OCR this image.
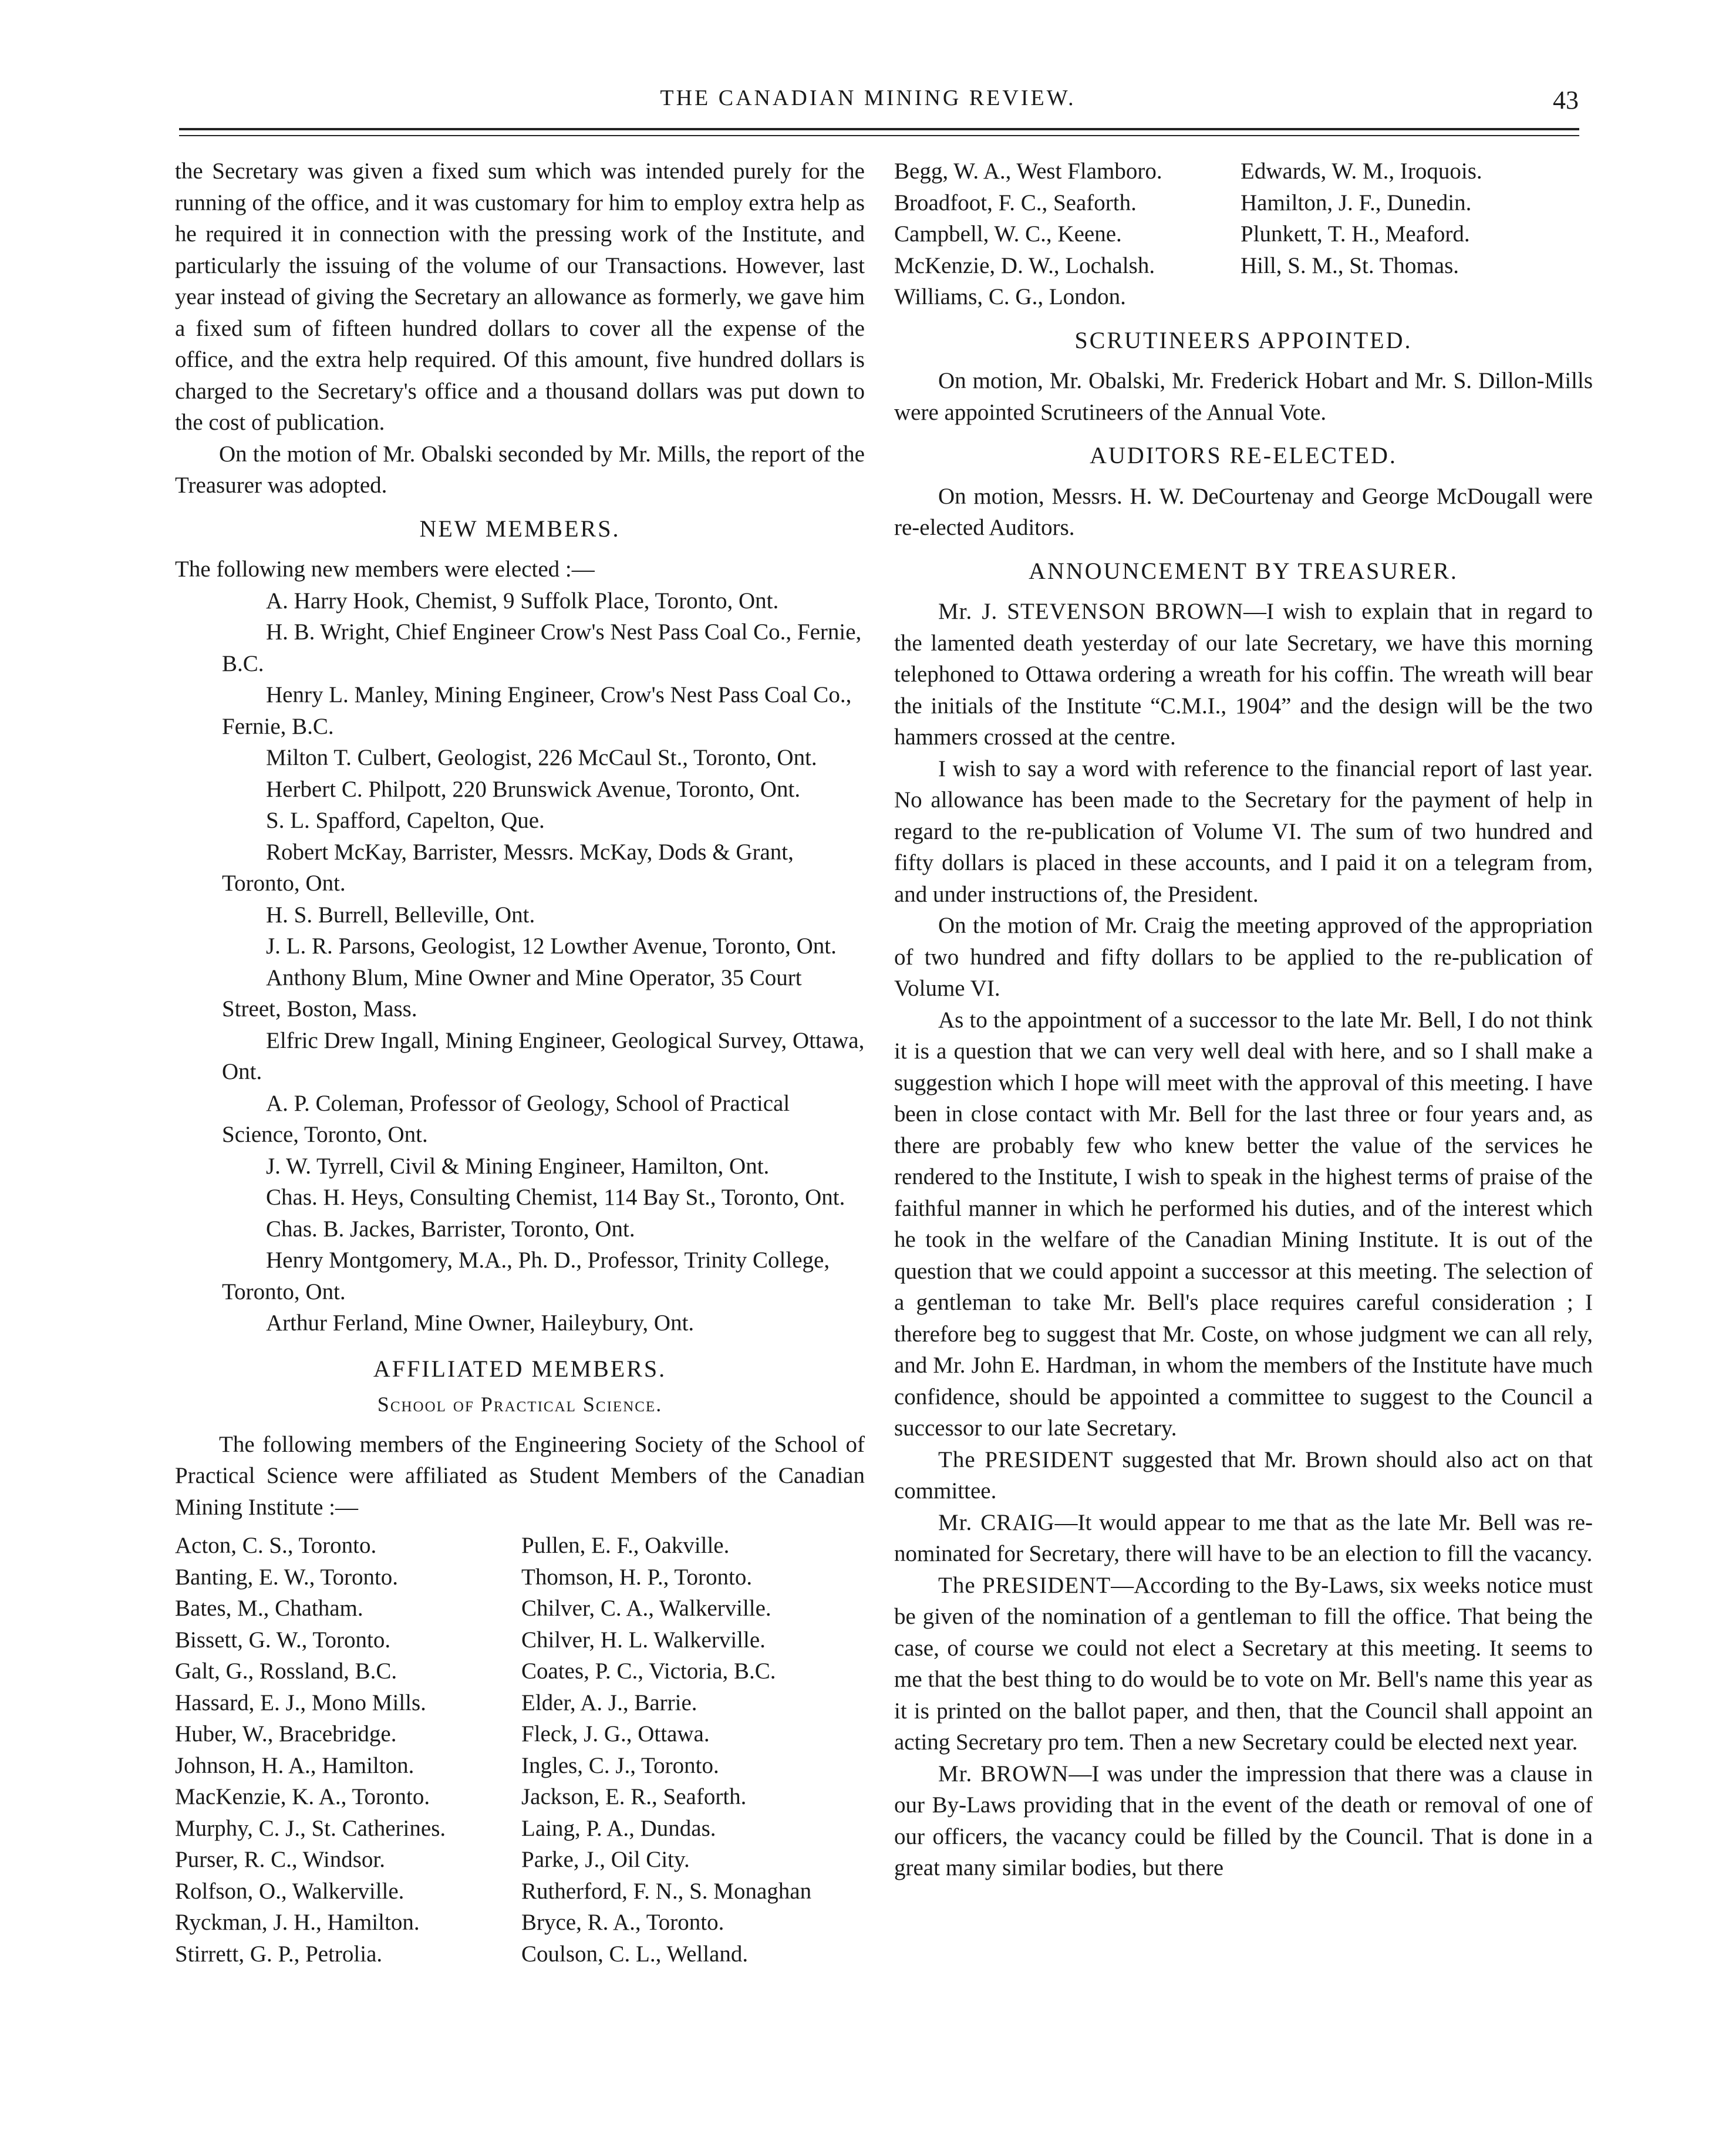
THE CANADIAN MINING REVIEW.	43

the Secretary was given a fixed sum which was intended purely for the running of the office, and it was customary for him to employ extra help as he required it in connection with the pressing work of the Institute, and particularly the issuing of the volume of our Transactions. However, last year instead of giving the Secretary an allowance as formerly, we gave him a fixed sum of fifteen hundred dollars to cover all the expense of the office, and the extra help required. Of this amount, five hundred dollars is charged to the Secretary's office and a thousand dollars was put down to the cost of publication.

On the motion of Mr. Obalski seconded by Mr. Mills, the report of the Treasurer was adopted.

NEW MEMBERS.

The following new members were elected :—

A. Harry Hook, Chemist, 9 Suffolk Place, Toronto, Ont.

H. B. Wright, Chief Engineer Crow's Nest Pass Coal Co., Fernie, B.C.

Henry L. Manley, Mining Engineer, Crow's Nest Pass Coal Co., Fernie, B.C.

Milton T. Culbert, Geologist, 226 McCaul St., Toronto, Ont.

Herbert C. Philpott, 220 Brunswick Avenue, Toronto, Ont.

S. L. Spafford, Capelton, Que.

Robert McKay, Barrister, Messrs. McKay, Dods & Grant, Toronto, Ont.

H. S. Burrell, Belleville, Ont.

J. L. R. Parsons, Geologist, 12 Lowther Avenue, Toronto, Ont.

Anthony Blum, Mine Owner and Mine Operator, 35 Court Street, Boston, Mass.

Elfric Drew Ingall, Mining Engineer, Geological Survey, Ottawa, Ont.

A. P. Coleman, Professor of Geology, School of Practical Science, Toronto, Ont.

J. W. Tyrrell, Civil & Mining Engineer, Hamilton, Ont.

Chas. H. Heys, Consulting Chemist, 114 Bay St., Toronto, Ont.

Chas. B. Jackes, Barrister, Toronto, Ont.

Henry Montgomery, M.A., Ph. D., Professor, Trinity College, Toronto, Ont.

Arthur Ferland, Mine Owner, Haileybury, Ont.

AFFILIATED MEMBERS.
School of Practical Science.

The following members of the Engineering Society of the School of Practical Science were affiliated as Student Members of the Canadian Mining Institute :—

Acton, C. S., Toronto.	Pullen, E. F., Oakville.
Banting, E. W., Toronto.	Thomson, H. P., Toronto.
Bates, M., Chatham.	Chilver, C. A., Walkerville.
Bissett, G. W., Toronto.	Chilver, H. L. Walkerville.
Galt, G., Rossland, B.C.	Coates, P. C., Victoria, B.C.
Hassard, E. J., Mono Mills.	Elder, A. J., Barrie.
Huber, W., Bracebridge.	Fleck, J. G., Ottawa.
Johnson, H. A., Hamilton.	Ingles, C. J., Toronto.
MacKenzie, K. A., Toronto.	Jackson, E. R., Seaforth.
Murphy, C. J., St. Catherines.	Laing, P. A., Dundas.
Purser, R. C., Windsor.	Parke, J., Oil City.
Rolfson, O., Walkerville.	Rutherford, F. N., S. Monaghan
Ryckman, J. H., Hamilton.	Bryce, R. A., Toronto.
Stirrett, G. P., Petrolia.	Coulson, C. L., Welland.
Begg, W. A., West Flamboro.	Edwards, W. M., Iroquois.
Broadfoot, F. C., Seaforth.	Hamilton, J. F., Dunedin.
Campbell, W. C., Keene.	Plunkett, T. H., Meaford.
McKenzie, D. W., Lochalsh.	Hill, S. M., St. Thomas.
Williams, C. G., London.
SCRUTINEERS APPOINTED.

On motion, Mr. Obalski, Mr. Frederick Hobart and Mr. S. Dillon-Mills were appointed Scrutineers of the Annual Vote.

AUDITORS RE-ELECTED.

On motion, Messrs. H. W. DeCourtenay and George McDougall were re-elected Auditors.

ANNOUNCEMENT BY TREASURER.

Mr. J. STEVENSON BROWN—I wish to explain that in regard to the lamented death yesterday of our late Secretary, we have this morning telephoned to Ottawa ordering a wreath for his coffin. The wreath will bear the initials of the Institute “C.M.I., 1904” and the design will be the two hammers crossed at the centre.

I wish to say a word with reference to the financial report of last year. No allowance has been made to the Secretary for the payment of help in regard to the re-publication of Volume VI. The sum of two hundred and fifty dollars is placed in these accounts, and I paid it on a telegram from, and under instructions of, the President.

On the motion of Mr. Craig the meeting approved of the appropriation of two hundred and fifty dollars to be applied to the re-publication of Volume VI.

As to the appointment of a successor to the late Mr. Bell, I do not think it is a question that we can very well deal with here, and so I shall make a suggestion which I hope will meet with the approval of this meeting. I have been in close contact with Mr. Bell for the last three or four years and, as there are probably few who knew better the value of the services he rendered to the Institute, I wish to speak in the highest terms of praise of the faithful manner in which he performed his duties, and of the interest which he took in the welfare of the Canadian Mining Institute. It is out of the question that we could appoint a successor at this meeting. The selection of a gentleman to take Mr. Bell's place requires careful consideration ; I therefore beg to suggest that Mr. Coste, on whose judgment we can all rely, and Mr. John E. Hardman, in whom the members of the Institute have much confidence, should be appointed a committee to suggest to the Council a successor to our late Secretary.

The PRESIDENT suggested that Mr. Brown should also act on that committee.

Mr. CRAIG—It would appear to me that as the late Mr. Bell was re-nominated for Secretary, there will have to be an election to fill the vacancy.

The PRESIDENT—According to the By-Laws, six weeks notice must be given of the nomination of a gentleman to fill the office. That being the case, of course we could not elect a Secretary at this meeting. It seems to me that the best thing to do would be to vote on Mr. Bell's name this year as it is printed on the ballot paper, and then, that the Council shall appoint an acting Secretary pro tem. Then a new Secretary could be elected next year.

Mr. BROWN—I was under the impression that there was a clause in our By-Laws providing that in the event of the death or removal of one of our officers, the vacancy could be filled by the Council. That is done in a great many similar bodies, but there
